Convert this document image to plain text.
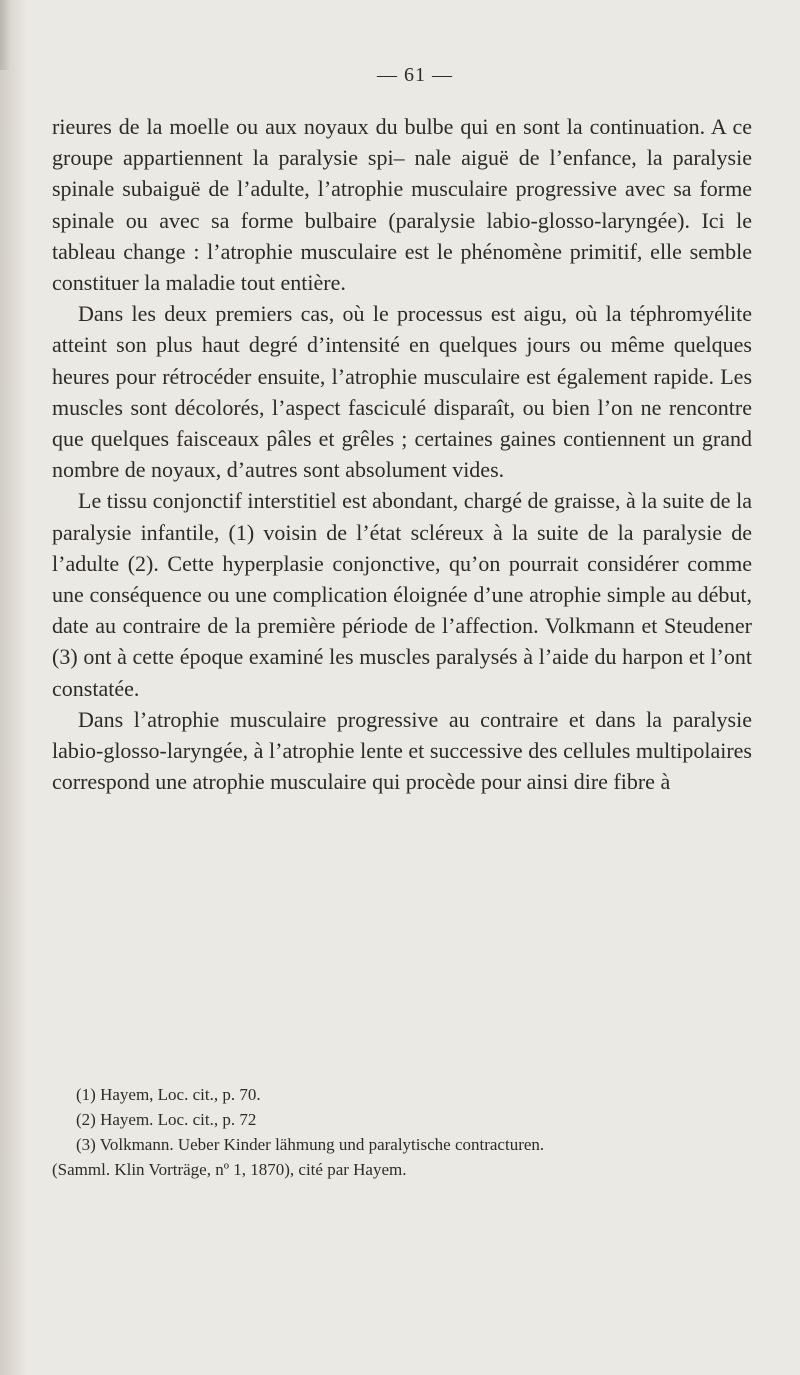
— 61 —

rieures de la moelle ou aux noyaux du bulbe qui en sont la continuation. A ce groupe appartiennent la paralysie spi– nale aiguë de l’enfance, la paralysie spinale subaiguë de l’adulte, l’atrophie musculaire progressive avec sa forme spinale ou avec sa forme bulbaire (paralysie labio-glosso-laryngée). Ici le tableau change : l’atrophie musculaire est le phénomène primitif, elle semble constituer la maladie tout entière.

Dans les deux premiers cas, où le processus est aigu, où la téphromyélite atteint son plus haut degré d’intensité en quelques jours ou même quelques heures pour rétrocéder ensuite, l’atrophie musculaire est également rapide. Les muscles sont décolorés, l’aspect fasciculé disparaît, ou bien l’on ne rencontre que quelques faisceaux pâles et grêles ; certaines gaines contiennent un grand nombre de noyaux, d’autres sont absolument vides.

Le tissu conjonctif interstitiel est abondant, chargé de graisse, à la suite de la paralysie infantile, (1) voisin de l’état scléreux à la suite de la paralysie de l’adulte (2). Cette hyperplasie conjonctive, qu’on pourrait considérer comme une conséquence ou une complication éloignée d’une atrophie simple au début, date au contraire de la première période de l’affection. Volkmann et Steudener (3) ont à cette époque examiné les muscles paralysés à l’aide du harpon et l’ont constatée.

Dans l’atrophie musculaire progressive au contraire et dans la paralysie labio-glosso-laryngée, à l’atrophie lente et successive des cellules multipolaires correspond une atrophie musculaire qui procède pour ainsi dire fibre à

(1) Hayem, Loc. cit., p. 70.

(2) Hayem. Loc. cit., p. 72

(3) Volkmann. Ueber Kinder lähmung und paralytische contracturen.

(Samml. Klin Vorträge, nº 1, 1870), cité par Hayem.
